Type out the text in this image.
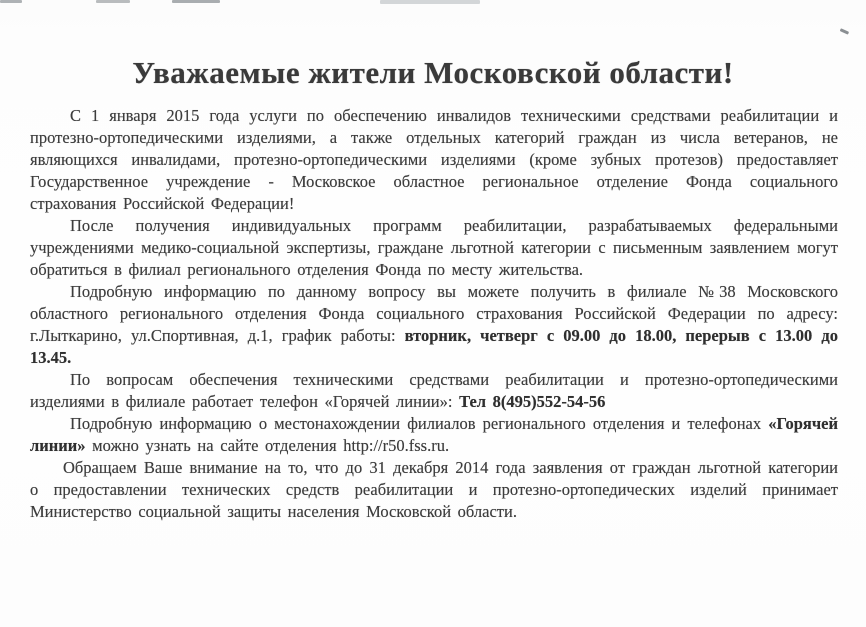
Уважаемые жители Московской области!

С 1 января 2015 года услуги по обеспечению инвалидов техническими средствами реабилитации и протезно-ортопедическими изделиями, а также отдельных категорий граждан из числа ветеранов, не являющихся инвалидами, протезно-ортопедическими изделиями (кроме зубных протезов) предоставляет Государственное учреждение - Московское областное региональное отделение Фонда социального страхования Российской Федерации!

После получения индивидуальных программ реабилитации, разрабатываемых федеральными учреждениями медико-социальной экспертизы, граждане льготной категории с письменным заявлением могут обратиться в филиал регионального отделения Фонда по месту жительства.

Подробную информацию по данному вопросу вы можете получить в филиале №38 Московского областного регионального отделения Фонда социального страхования Российской Федерации по адресу: г.Лыткарино, ул.Спортивная, д.1, график работы: вторник, четверг с 09.00 до 18.00, перерыв с 13.00 до 13.45.

По вопросам обеспечения техническими средствами реабилитации и протезно-ортопедическими изделиями в филиале работает телефон «Горячей линии»: Тел 8(495)552-54-56

Подробную информацию о местонахождении филиалов регионального отделения и телефонах «Горячей линии» можно узнать на сайте отделения http://r50.fss.ru.

Обращаем Ваше внимание на то, что до 31 декабря 2014 года заявления от граждан льготной категории о предоставлении технических средств реабилитации и протезно-ортопедических изделий принимает Министерство социальной защиты населения Московской области.
